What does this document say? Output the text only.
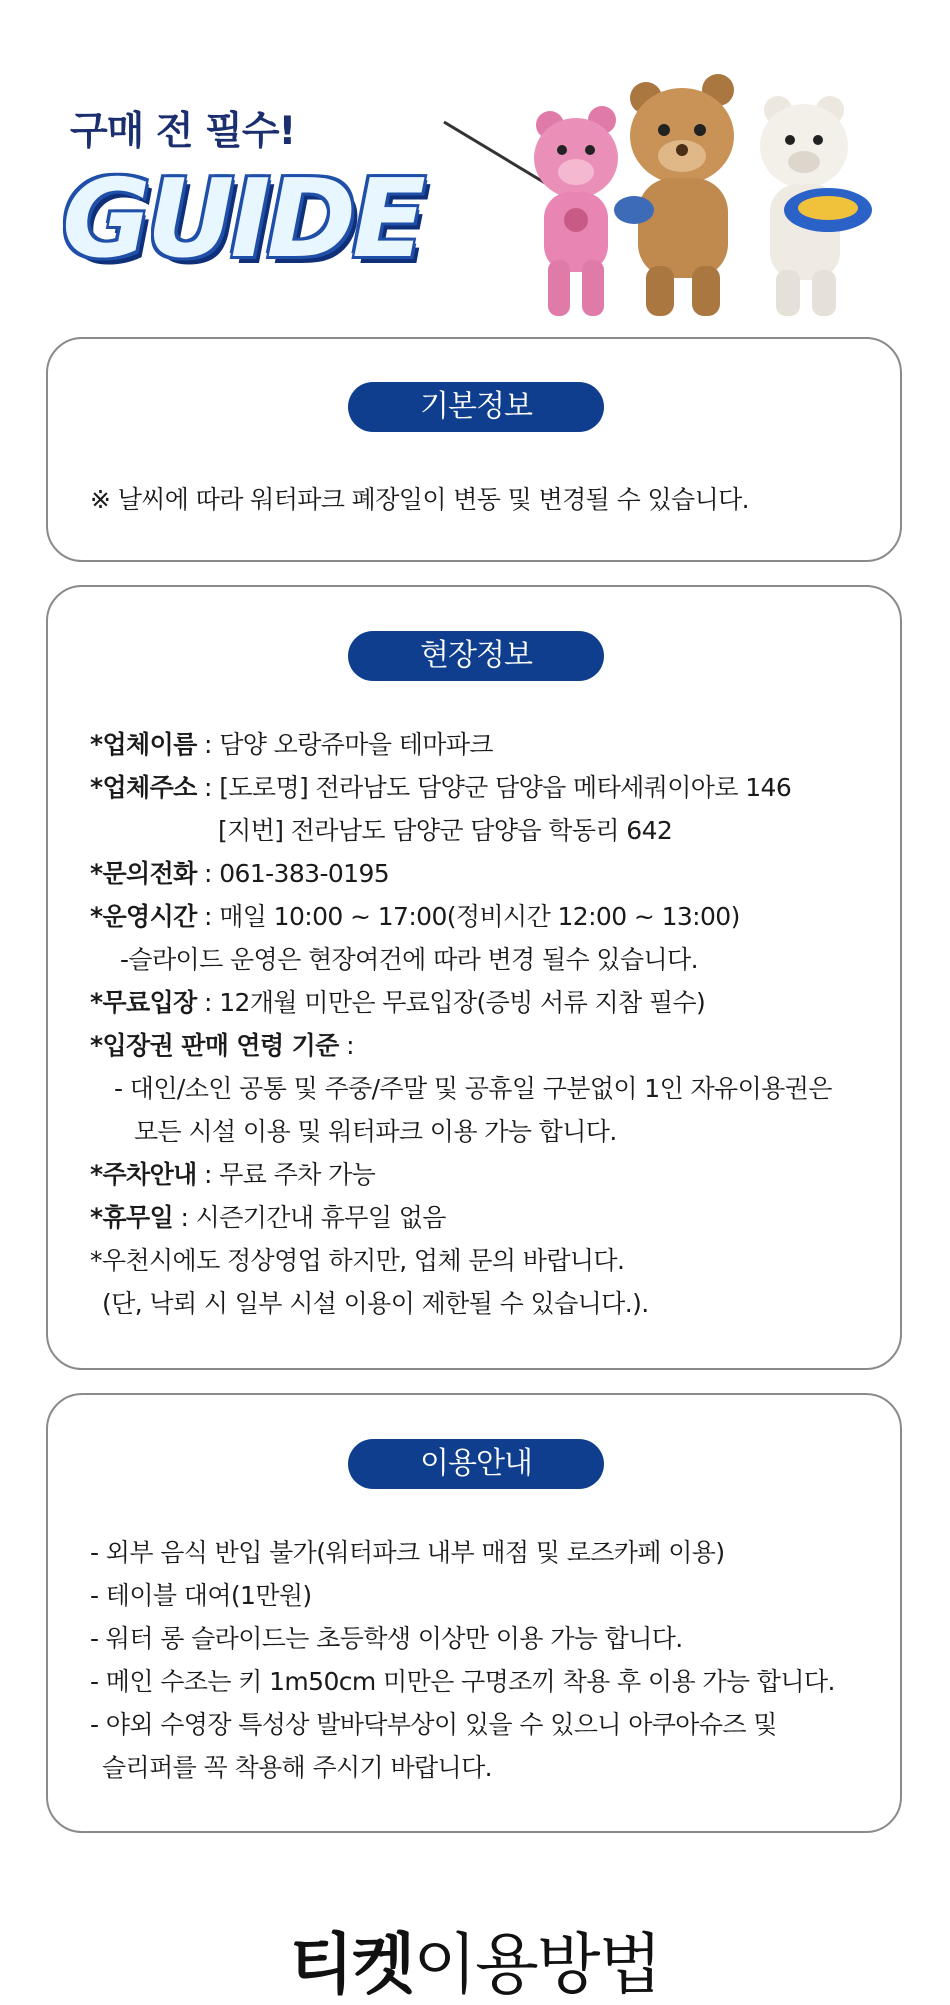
구매 전 필수!
GUIDE
기본정보
※ 날씨에 따라 워터파크 폐장일이 변동 및 변경될 수 있습니다.
현장정보
*업체이름 : 담양 오랑쥬마을 테마파크
*업체주소 : [도로명] 전라남도 담양군 담양읍 메타세쿼이아로 146
[지번] 전라남도 담양군 담양읍 학동리 642
*문의전화 : 061-383-0195
*운영시간 : 매일 10:00 ~ 17:00(정비시간 12:00 ~ 13:00)
-슬라이드 운영은 현장여건에 따라 변경 될수 있습니다.
*무료입장 : 12개월 미만은 무료입장(증빙 서류 지참 필수)
*입장권 판매 연령 기준 :
- 대인/소인 공통 및 주중/주말 및 공휴일 구분없이 1인 자유이용권은
모든 시설 이용 및 워터파크 이용 가능 합니다.
*주차안내 : 무료 주차 가능
*휴무일 : 시즌기간내 휴무일 없음
*우천시에도 정상영업 하지만, 업체 문의 바랍니다.
(단, 낙뢰 시 일부 시설 이용이 제한될 수 있습니다.).
이용안내
- 외부 음식 반입 불가(워터파크 내부 매점 및 로즈카페 이용)
- 테이블 대여(1만원)
- 워터 롱 슬라이드는 초등학생 이상만 이용 가능 합니다.
- 메인 수조는 키 1m50cm 미만은 구명조끼 착용 후 이용 가능 합니다.
- 야외 수영장 특성상 발바닥부상이 있을 수 있으니 아쿠아슈즈 및
슬리퍼를 꼭 착용해 주시기 바랍니다.
티켓이용방법
